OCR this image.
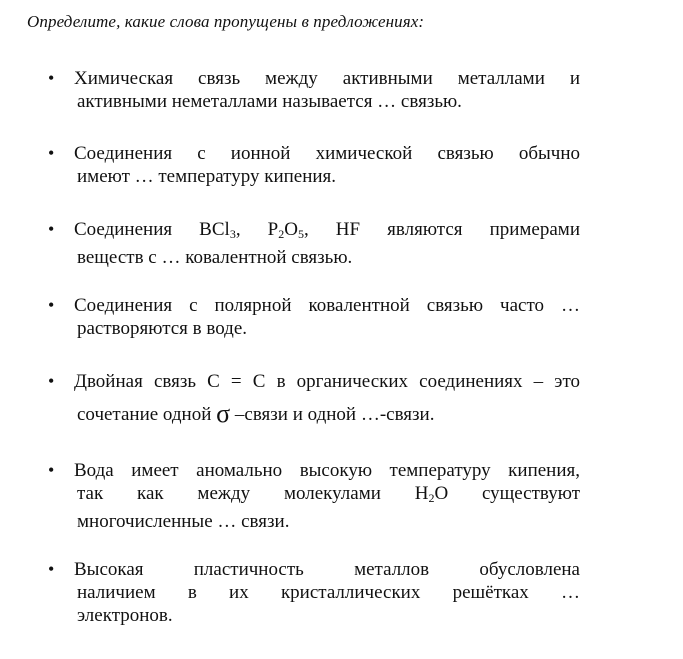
Определите, какие слова пропущены в предложениях:
• Химическая связь между активными металлами и
активными неметаллами называется … связью.
• Соединения с ионной химической связью обычно
имеют … температуру кипения.
• Соединения BCl$_3$, $P_2O_5$, HF являются примерами
веществ с … ковалентной связью.
• Соединения с полярной ковалентной связью часто …
растворяются в воде.
• Двойная связь С = С в органических соединениях – это
сочетание одной σ –связи и одной …-связи.
• Вода имеет аномально высокую температуру кипения,
так как между молекулами $H_2O$ существуют
многочисленные … связи.
• Высокая пластичность металлов обусловлена
наличием в их кристаллических решётках …
электронов.
